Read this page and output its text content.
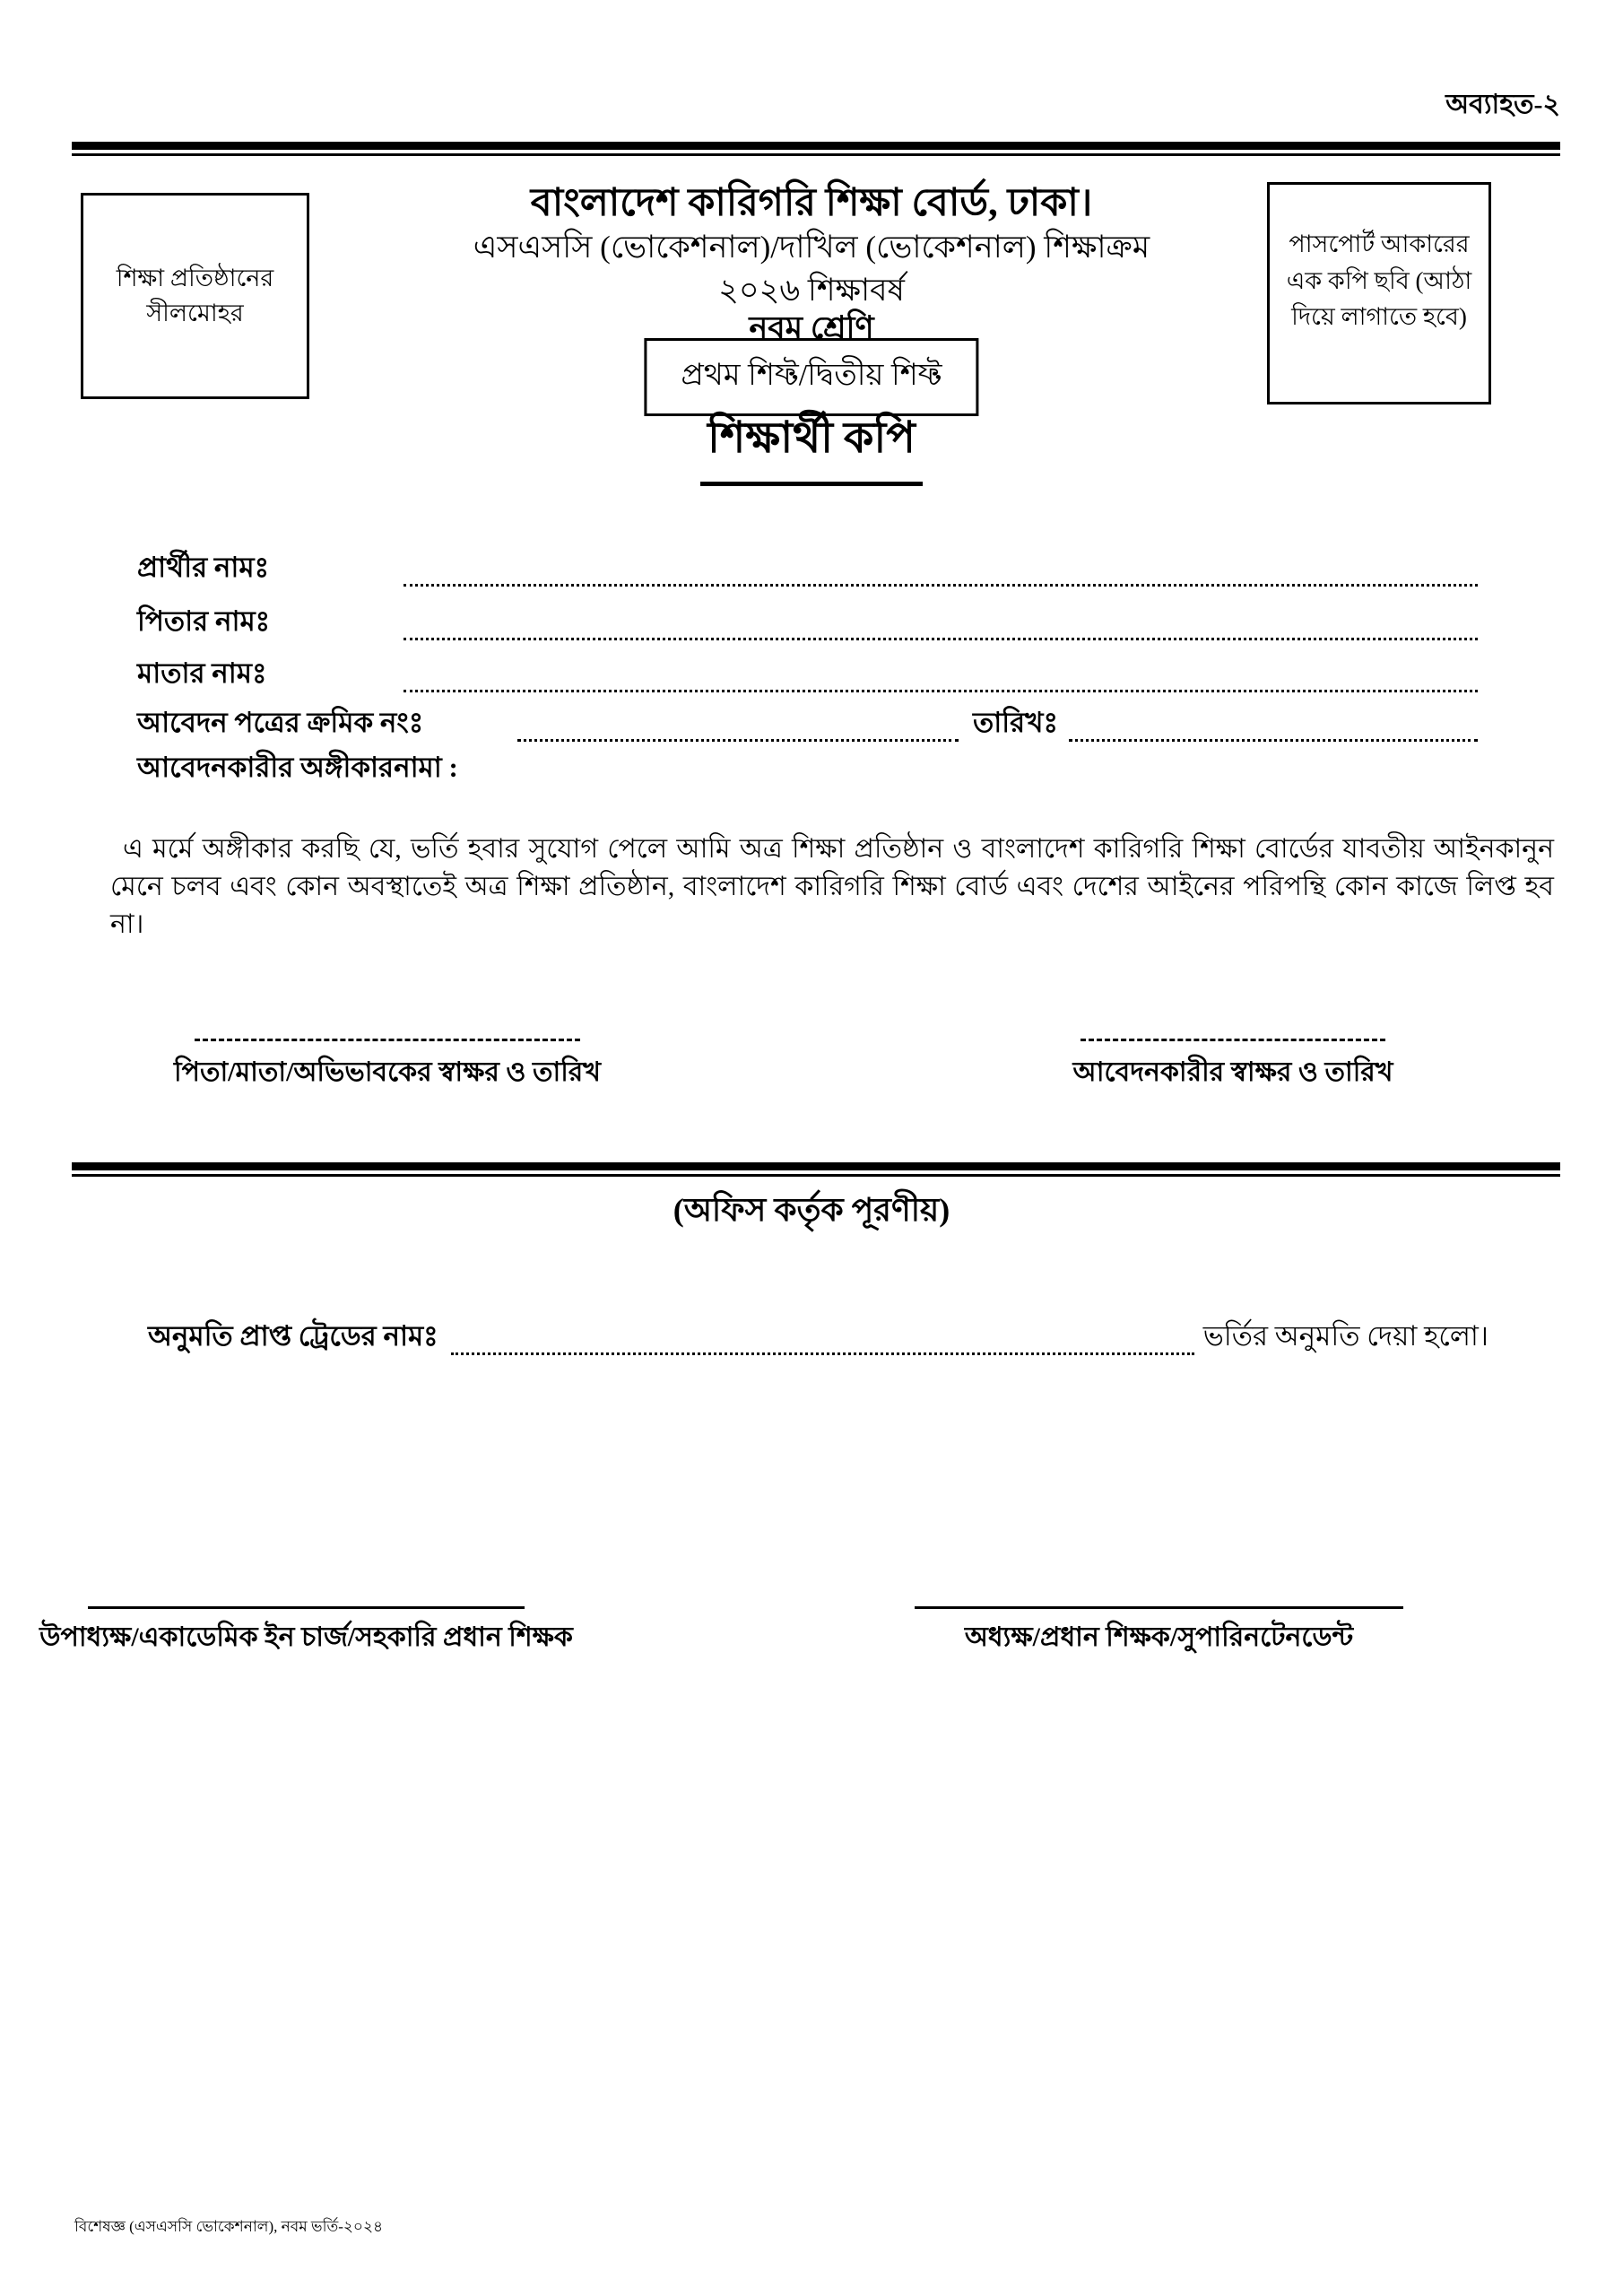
অব্যাহত-২
শিক্ষা প্রতিষ্ঠানের সীলমোহর
পাসপোর্ট আকারের এক কপি ছবি (আঠা দিয়ে লাগাতে হবে)
বাংলাদেশ কারিগরি শিক্ষা বোর্ড, ঢাকা।
এসএসসি (ভোকেশনাল)/দাখিল (ভোকেশনাল) শিক্ষাক্রম
২০২৬ শিক্ষাবর্ষ
নবম শ্রেণি
প্রথম শিফ্ট/দ্বিতীয় শিফ্ট
শিক্ষার্থী কপি
প্রার্থীর নামঃ
পিতার নামঃ
মাতার নামঃ
আবেদন পত্রের ক্রমিক নংঃ	তারিখঃ
আবেদনকারীর অঙ্গীকারনামা :
এ মর্মে অঙ্গীকার করছি যে, ভর্তি হবার সুযোগ পেলে আমি অত্র শিক্ষা প্রতিষ্ঠান ও বাংলাদেশ কারিগরি শিক্ষা বোর্ডের যাবতীয় আইনকানুন মেনে চলব এবং কোন অবস্থাতেই অত্র শিক্ষা প্রতিষ্ঠান, বাংলাদেশ কারিগরি শিক্ষা বোর্ড এবং দেশের আইনের পরিপন্থি কোন কাজে লিপ্ত হব না।
পিতা/মাতা/অভিভাবকের স্বাক্ষর ও তারিখ	আবেদনকারীর স্বাক্ষর ও তারিখ
(অফিস কর্তৃক পূরণীয়)
অনুমতি প্রাপ্ত ট্রেডের নামঃ	ভর্তির অনুমতি দেয়া হলো।
উপাধ্যক্ষ/একাডেমিক ইন চার্জ/সহকারি প্রধান শিক্ষক	অধ্যক্ষ/প্রধান শিক্ষক/সুপারিনটেনডেন্ট
বিশেষজ্ঞ (এসএসসি ভোকেশনাল), নবম ভর্তি-২০২৪
